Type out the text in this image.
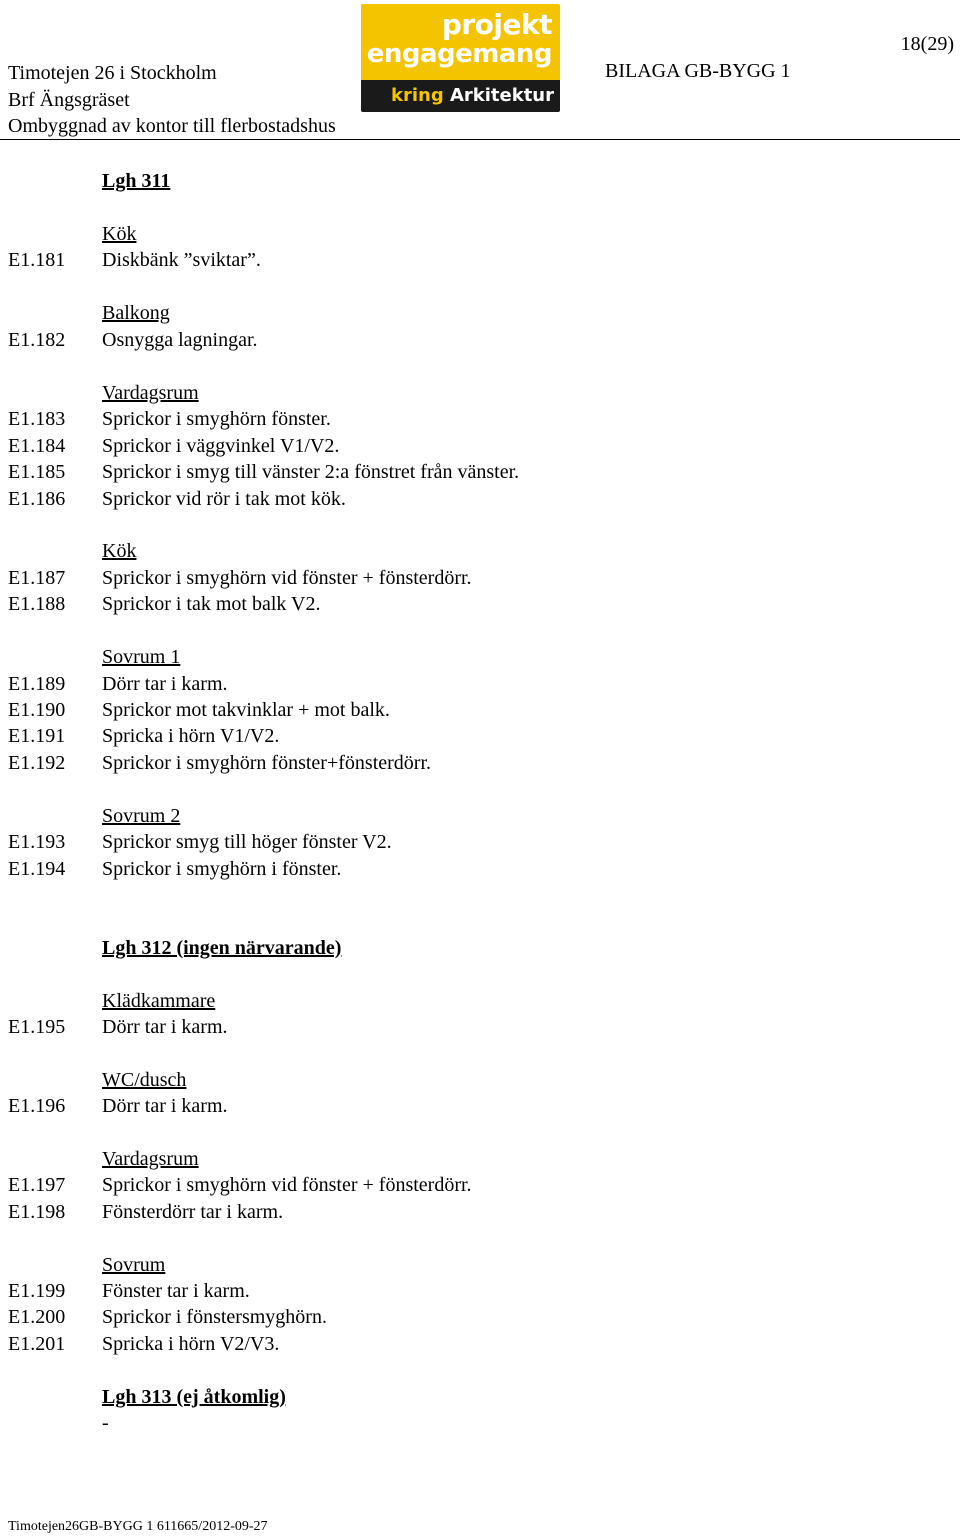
Timotejen 26 i Stockholm
Brf Ängsgräset
Ombyggnad av kontor till flerbostadshus
BILAGA GB-BYGG 1
18(29)
projekt
engagemang
kring Arkitektur
Lgh 311
Kök
E1.181 Diskbänk ”sviktar”.
Balkong
E1.182 Osnygga lagningar.
Vardagsrum
E1.183 Sprickor i smyghörn fönster.
E1.184 Sprickor i väggvinkel V1/V2.
E1.185 Sprickor i smyg till vänster 2:a fönstret från vänster.
E1.186 Sprickor vid rör i tak mot kök.
Kök
E1.187 Sprickor i smyghörn vid fönster + fönsterdörr.
E1.188 Sprickor i tak mot balk V2.
Sovrum 1
E1.189 Dörr tar i karm.
E1.190 Sprickor mot takvinklar + mot balk.
E1.191 Spricka i hörn V1/V2.
E1.192 Sprickor i smyghörn fönster+fönsterdörr.
Sovrum 2
E1.193 Sprickor smyg till höger fönster V2.
E1.194 Sprickor i smyghörn i fönster.
Lgh 312 (ingen närvarande)
Klädkammare
E1.195 Dörr tar i karm.
WC/dusch
E1.196 Dörr tar i karm.
Vardagsrum
E1.197 Sprickor i smyghörn vid fönster + fönsterdörr.
E1.198 Fönsterdörr tar i karm.
Sovrum
E1.199 Fönster tar i karm.
E1.200 Sprickor i fönstersmyghörn.
E1.201 Spricka i hörn V2/V3.
Lgh 313 (ej åtkomlig)
-
Timotejen26GB-BYGG 1 611665/2012-09-27
